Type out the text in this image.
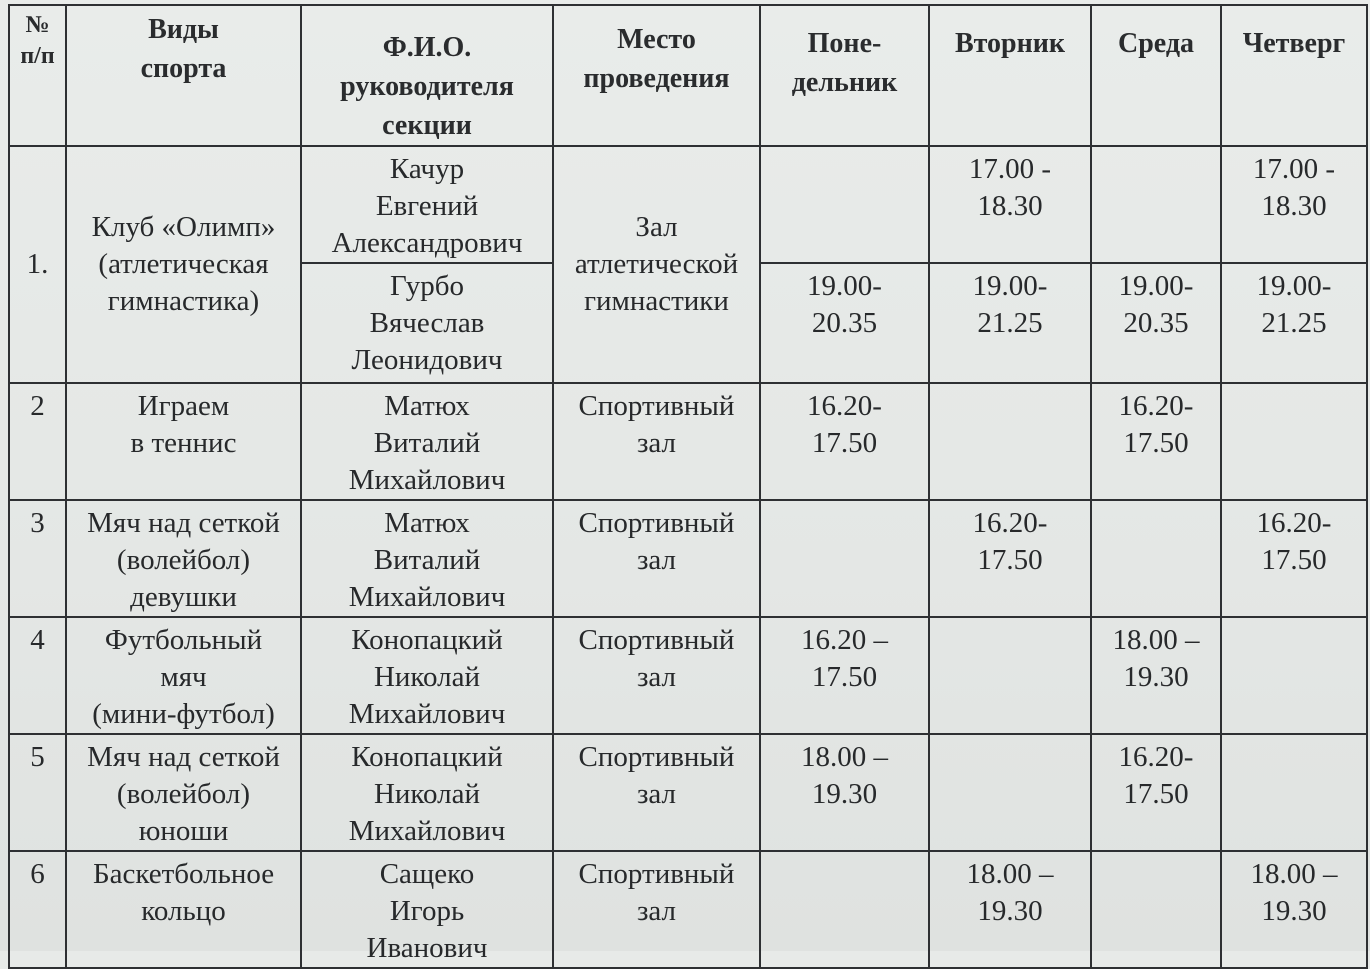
№
п/п	Виды
спорта	Ф.И.О.
руководителя
секции	Место
проведения	Поне-
дельник	Вторник	Среда	Четверг

1.	Клуб «Олимп»
(атлетическая
гимнастика)	Качур
Евгений
Александрович	Зал
атлетической
гимнастики		17.00 -
18.30		17.00 -
18.30

		Гурбо
Вячеслав
Леонидович		19.00-
20.35	19.00-
21.25	19.00-
20.35	19.00-
21.25

2	Играем
в теннис	Матюх
Виталий
Михайлович	Спортивный
зал	16.20-
17.50		16.20-
17.50	

3	Мяч над сеткой
(волейбол)
девушки	Матюх
Виталий
Михайлович	Спортивный
зал		16.20-
17.50		16.20-
17.50

4	Футбольный
мяч
(мини-футбол)	Конопацкий
Николай
Михайлович	Спортивный
зал	16.20 –
17.50		18.00 –
19.30	

5	Мяч над сеткой
(волейбол)
юноши	Конопацкий
Николай
Михайлович	Спортивный
зал	18.00 –
19.30		16.20-
17.50	

6	Баскетбольное
кольцо	Сащеко
Игорь
Иванович	Спортивный
зал		18.00 –
19.30		18.00 –
19.30
